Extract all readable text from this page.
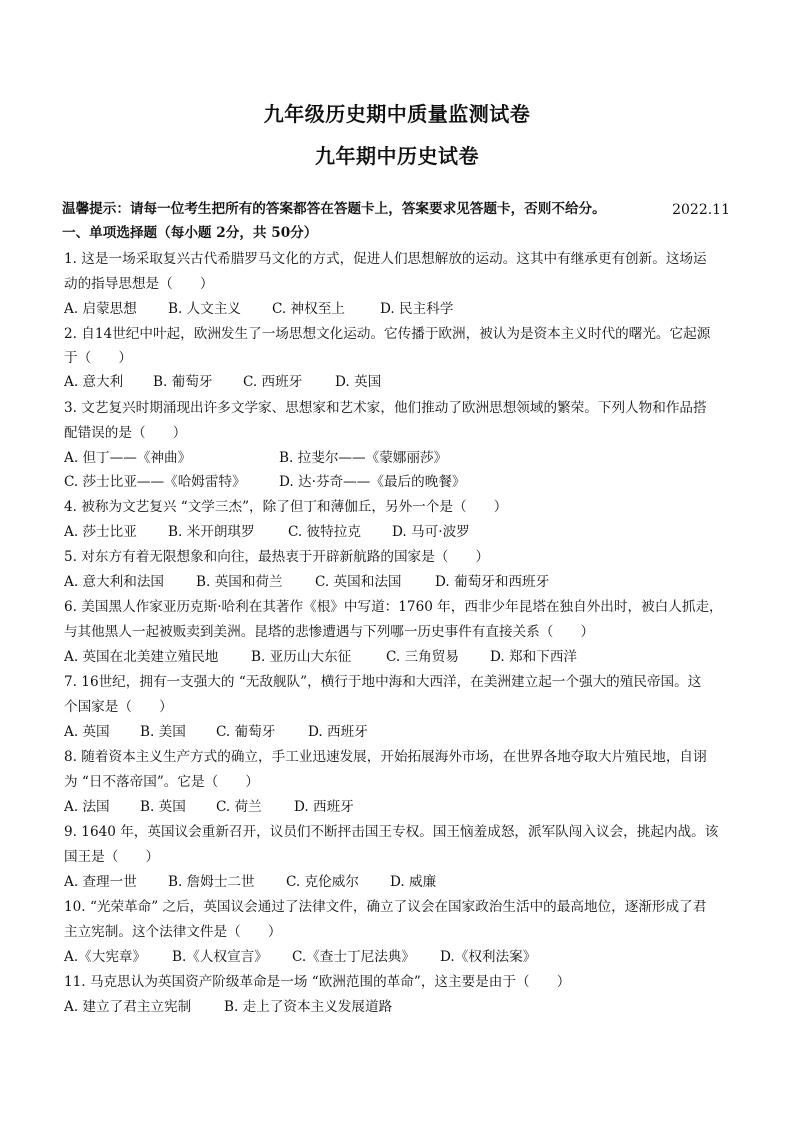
九年级历史期中质量监测试卷
九年期中历史试卷
2022.11
温馨提示：请每一位考生把所有的答案都答在答题卡上，答案要求见答题卡，否则不给分。
一、单项选择题（每小题 2分，共 50分）
1. 这是一场采取复兴古代希腊罗马文化的方式，促进人们思想解放的运动。这其中有继承更有创新。这场运
动的指导思想是（　　）
A. 启蒙思想 B. 人文主义 C. 神权至上	D. 民主科学
2. 自14世纪中叶起，欧洲发生了一场思想文化运动。它传播于欧洲，被认为是资本主义时代的曙光。它起源
于（　　）
A. 意大利 B. 葡萄牙 C. 西班牙 D. 英国
3. 文艺复兴时期涌现出许多文学家、思想家和艺术家，他们推动了欧洲思想领域的繁荣。下列人物和作品搭
配错误的是（　　）
A. 但丁——《神曲》	B. 拉斐尔——《蒙娜丽莎》
C. 莎士比亚——《哈姆雷特》 D. 达·芬奇——《最后的晚餐》
4. 被称为文艺复兴 “文学三杰”，除了但丁和薄伽丘，另外一个是（　　）
A. 莎士比亚 B. 米开朗琪罗 C. 彼特拉克 D. 马可·波罗
5. 对东方有着无限想象和向往，最热衷于开辟新航路的国家是（　　）
A. 意大利和法国 B. 英国和荷兰 C. 英国和法国 D. 葡萄牙和西班牙
6. 美国黑人作家亚历克斯·哈利在其著作《根》中写道：1760 年，西非少年昆塔在独自外出时，被白人抓走，
与其他黑人一起被贩卖到美洲。昆塔的悲惨遭遇与下列哪一历史事件有直接关系（　　）
A. 英国在北美建立殖民地 B. 亚历山大东征	C. 三角贸易 D. 郑和下西洋
7. 16世纪，拥有一支强大的 “无敌舰队”，横行于地中海和大西洋，在美洲建立起一个强大的殖民帝国。这
个国家是（　　）
A. 英国 B. 美国 C. 葡萄牙 D. 西班牙
8. 随着资本主义生产方式的确立，手工业迅速发展，开始拓展海外市场，在世界各地夺取大片殖民地，自诩
为 “日不落帝国”。它是（　　）
A. 法国 B. 英国 C. 荷兰 D. 西班牙
9. 1640 年，英国议会重新召开，议员们不断抨击国王专权。国王恼羞成怒，派军队闯入议会，挑起内战。该
国王是（　　）
A. 查理一世 B. 詹姆士二世 C. 克伦威尔 D. 威廉
10. “光荣革命” 之后，英国议会通过了法律文件，确立了议会在国家政治生活中的最高地位，逐渐形成了君
主立宪制。这个法律文件是（　　）
A.《大宪章》 B.《人权宣言》 C.《查士丁尼法典》 D.《权利法案》
11. 马克思认为英国资产阶级革命是一场 “欧洲范围的革命”，这主要是由于（　　）
A. 建立了君主立宪制 B. 走上了资本主义发展道路
